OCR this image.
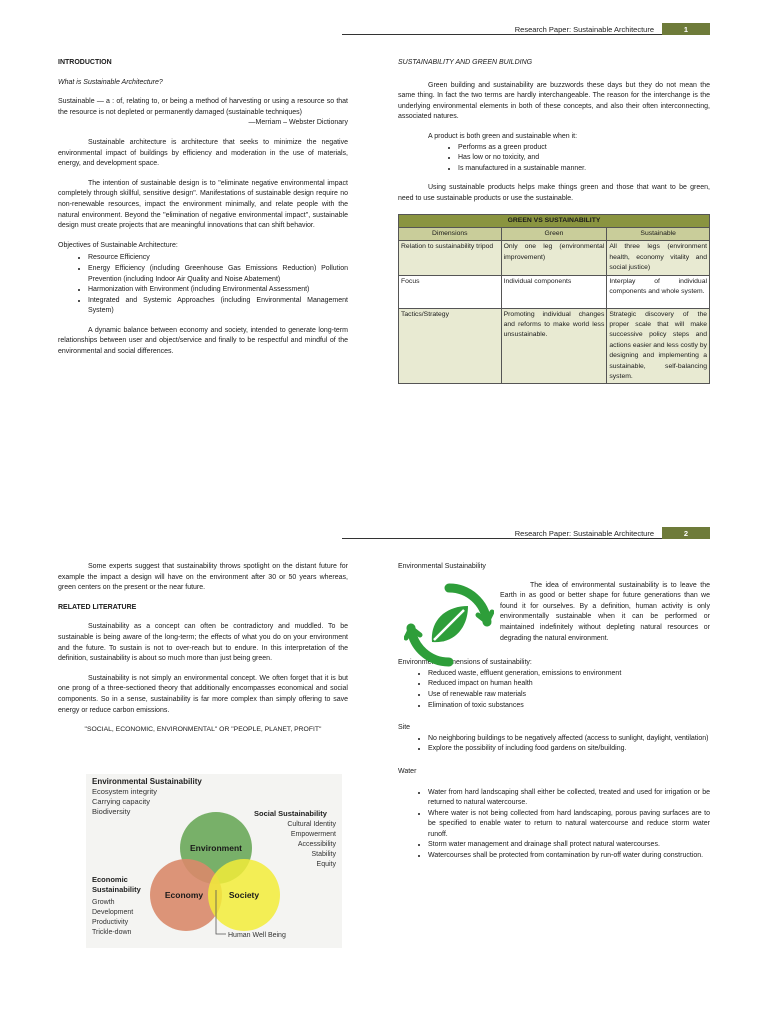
Research Paper: Sustainable Architecture	1
INTRODUCTION
What is Sustainable Architecture?

Sustainable — a : of, relating to, or being a method of harvesting or using a resource so that the resource is not depleted or permanently damaged (sustainable techniques)

—Merriam – Webster Dictionary

Sustainable architecture is architecture that seeks to minimize the negative environmental impact of buildings by efficiency and moderation in the use of materials, energy, and development space.

The intention of sustainable design is to "eliminate negative environmental impact completely through skillful, sensitive design". Manifestations of sustainable design require no non-renewable resources, impact the environment minimally, and relate people with the natural environment. Beyond the "elimination of negative environmental impact", sustainable design must create projects that are meaningful innovations that can shift behavior.

Objectives of Sustainable Architecture:
• Resource Efficiency
• Energy Efficiency (including Greenhouse Gas Emissions Reduction) Pollution Prevention (including Indoor Air Quality and Noise Abatement)
• Harmonization with Environment (including Environmental Assessment)
• Integrated and Systemic Approaches (including Environmental Management System)

A dynamic balance between economy and society, intended to generate long-term relationships between user and object/service and finally to be respectful and mindful of the environmental and social differences.

SUSTAINABILITY AND GREEN BUILDING

Green building and sustainability are buzzwords these days but they do not mean the same thing. In fact the two terms are hardly interchangeable. The reason for the interchange is the underlying environmental elements in both of these concepts, and also their often interconnecting, associated natures.

A product is both green and sustainable when it:
• Performs as a green product
• Has low or no toxicity, and
• Is manufactured in a sustainable manner.

Using sustainable products helps make things green and those that want to be green, need to use sustainable products or use the sustainable.

GREEN VS SUSTAINABILITY		
Dimensions	Green	Sustainable
Relation to sustainability tripod	Only one leg (environmental improvement)	All three legs (environment health, economy vitality and social justice)
Focus	Individual components	Interplay of individual components and whole system.
Tactics/Strategy	Promoting individual changes and reforms to make world less unsustainable.	Strategic discovery of the proper scale that will make successive policy steps and actions easier and less costly by designing and implementing a sustainable, self-balancing system.
Research Paper: Sustainable Architecture	2

Some experts suggest that sustainability throws spotlight on the distant future for example the impact a design will have on the environment after 30 or 50 years whereas, green centers on the present or the near future.

RELATED LITERATURE

Sustainability as a concept can often be contradictory and muddled. To be sustainable is being aware of the long-term; the effects of what you do on your environment and the future. To sustain is not to over-reach but to endure. In this interpretation of the definition, sustainability is about so much more than just being green.

Sustainability is not simply an environmental concept. We often forget that it is but one prong of a three-sectioned theory that additionally encompasses economical and social components. So in a sense, sustainability is far more complex than simply offering to save energy or reduce carbon emissions.

"SOCIAL, ECONOMIC, ENVIRONMENTAL" OR "PEOPLE, PLANET, PROFIT"
Environmental Sustainability
Ecosystem integrity
Carrying capacity
Biodiversity	Social Sustainability
Cultural Identity
Empowerment
Accessibility
Stability
Equity
Economic
Sustainability
Growth
Development
Productivity
Trickle-down
Environment
Economy	Society
Human Well Being
Environmental Sustainability

The idea of environmental sustainability is to leave the Earth in as good or better shape for future generations than we found it for ourselves. By a definition, human activity is only environmentally sustainable when it can be performed or maintained indefinitely without depleting natural resources or degrading the natural environment.

Environmental dimensions of sustainability:
• Reduced waste, effluent generation, emissions to environment
• Reduced impact on human health
• Use of renewable raw materials
• Elimination of toxic substances
Site
• No neighboring buildings to be negatively affected (access to sunlight, daylight, ventilation)
• Explore the possibility of including food gardens on site/building.
Water
• Water from hard landscaping shall either be collected, treated and used for irrigation or be returned to natural watercourse.
• Where water is not being collected from hard landscaping, porous paving surfaces are to be specified to enable water to return to natural watercourse and reduce storm water runoff.
• Storm water management and drainage shall protect natural watercourses.
• Watercourses shall be protected from contamination by run-off water during construction.
